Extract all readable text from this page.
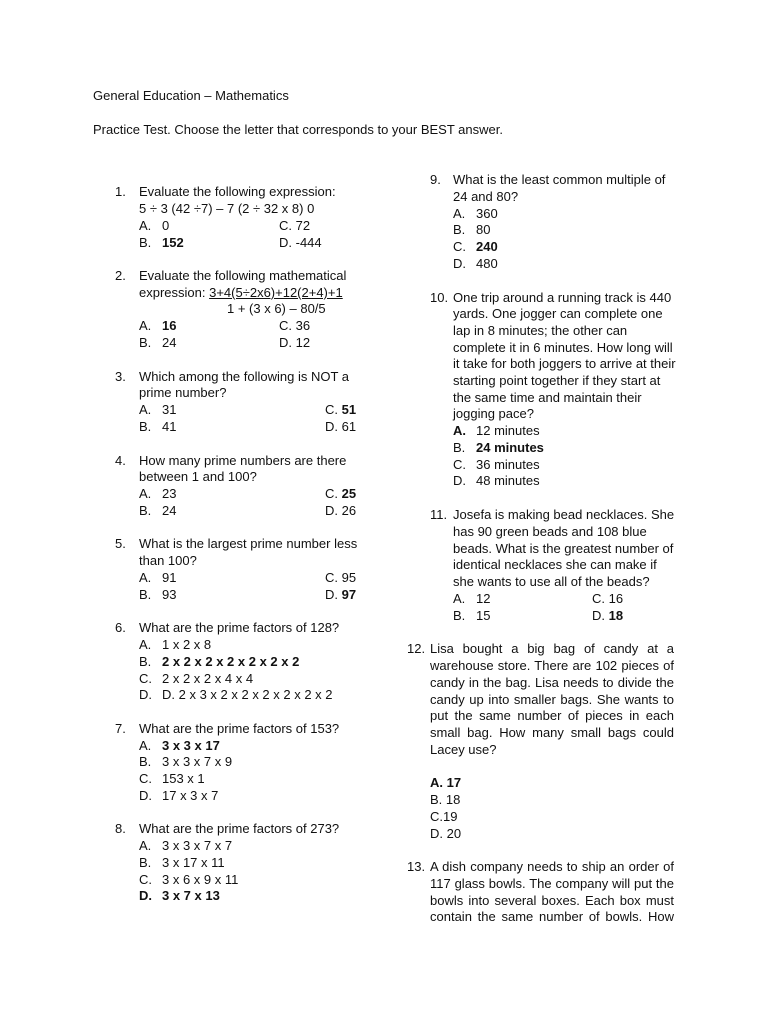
General Education – Mathematics
Practice Test. Choose the letter that corresponds to your BEST answer.
1. Evaluate the following expression:
5 ÷ 3 (42 ÷7) – 7 (2 ÷ 32 x 8) 0
A. 0	C. 72
B. 152	D. -444
2. Evaluate the following mathematical
expression: 3+4(5÷2x6)+12(2+4)+1
1 + (3 x 6) – 80/5
A. 16	C. 36
B. 24	D. 12
3. Which among the following is NOT a
prime number?
A. 31	C. 51
B. 41	D. 61
4. How many prime numbers are there
between 1 and 100?
A. 23	C. 25
B. 24	D. 26
5. What is the largest prime number less
than 100?
A. 91	C. 95
B. 93	D. 97
6. What are the prime factors of 128?
A. 1 x 2 x 8
B. 2 x 2 x 2 x 2 x 2 x 2 x 2
C. 2 x 2 x 2 x 4 x 4
D. D. 2 x 3 x 2 x 2 x 2 x 2 x 2 x 2
7. What are the prime factors of 153?
A. 3 x 3 x 17
B. 3 x 3 x 7 x 9
C. 153 x 1
D. 17 x 3 x 7
8. What are the prime factors of 273?
A. 3 x 3 x 7 x 7
B. 3 x 17 x 11
C. 3 x 6 x 9 x 11
D. 3 x 7 x 13
9. What is the least common multiple of
24 and 80?
A. 360
B. 80
C. 240
D. 480
10. One trip around a running track is 440
yards. One jogger can complete one
lap in 8 minutes; the other can
complete it in 6 minutes. How long will
it take for both joggers to arrive at their
starting point together if they start at
the same time and maintain their
jogging pace?
A. 12 minutes
B. 24 minutes
C. 36 minutes
D. 48 minutes
11. Josefa is making bead necklaces. She
has 90 green beads and 108 blue
beads. What is the greatest number of
identical necklaces she can make if
she wants to use all of the beads?
A. 12	C. 16
B. 15	D. 18
12. Lisa bought a big bag of candy at a
warehouse store. There are 102 pieces of
candy in the bag. Lisa needs to divide the
candy up into smaller bags. She wants to
put the same number of pieces in each
small bag. How many small bags could
Lacey use?
A. 17
B. 18
C.19
D. 20
13. A dish company needs to ship an order of
117 glass bowls. The company will put the
bowls into several boxes. Each box must
contain the same number of bowls. How
